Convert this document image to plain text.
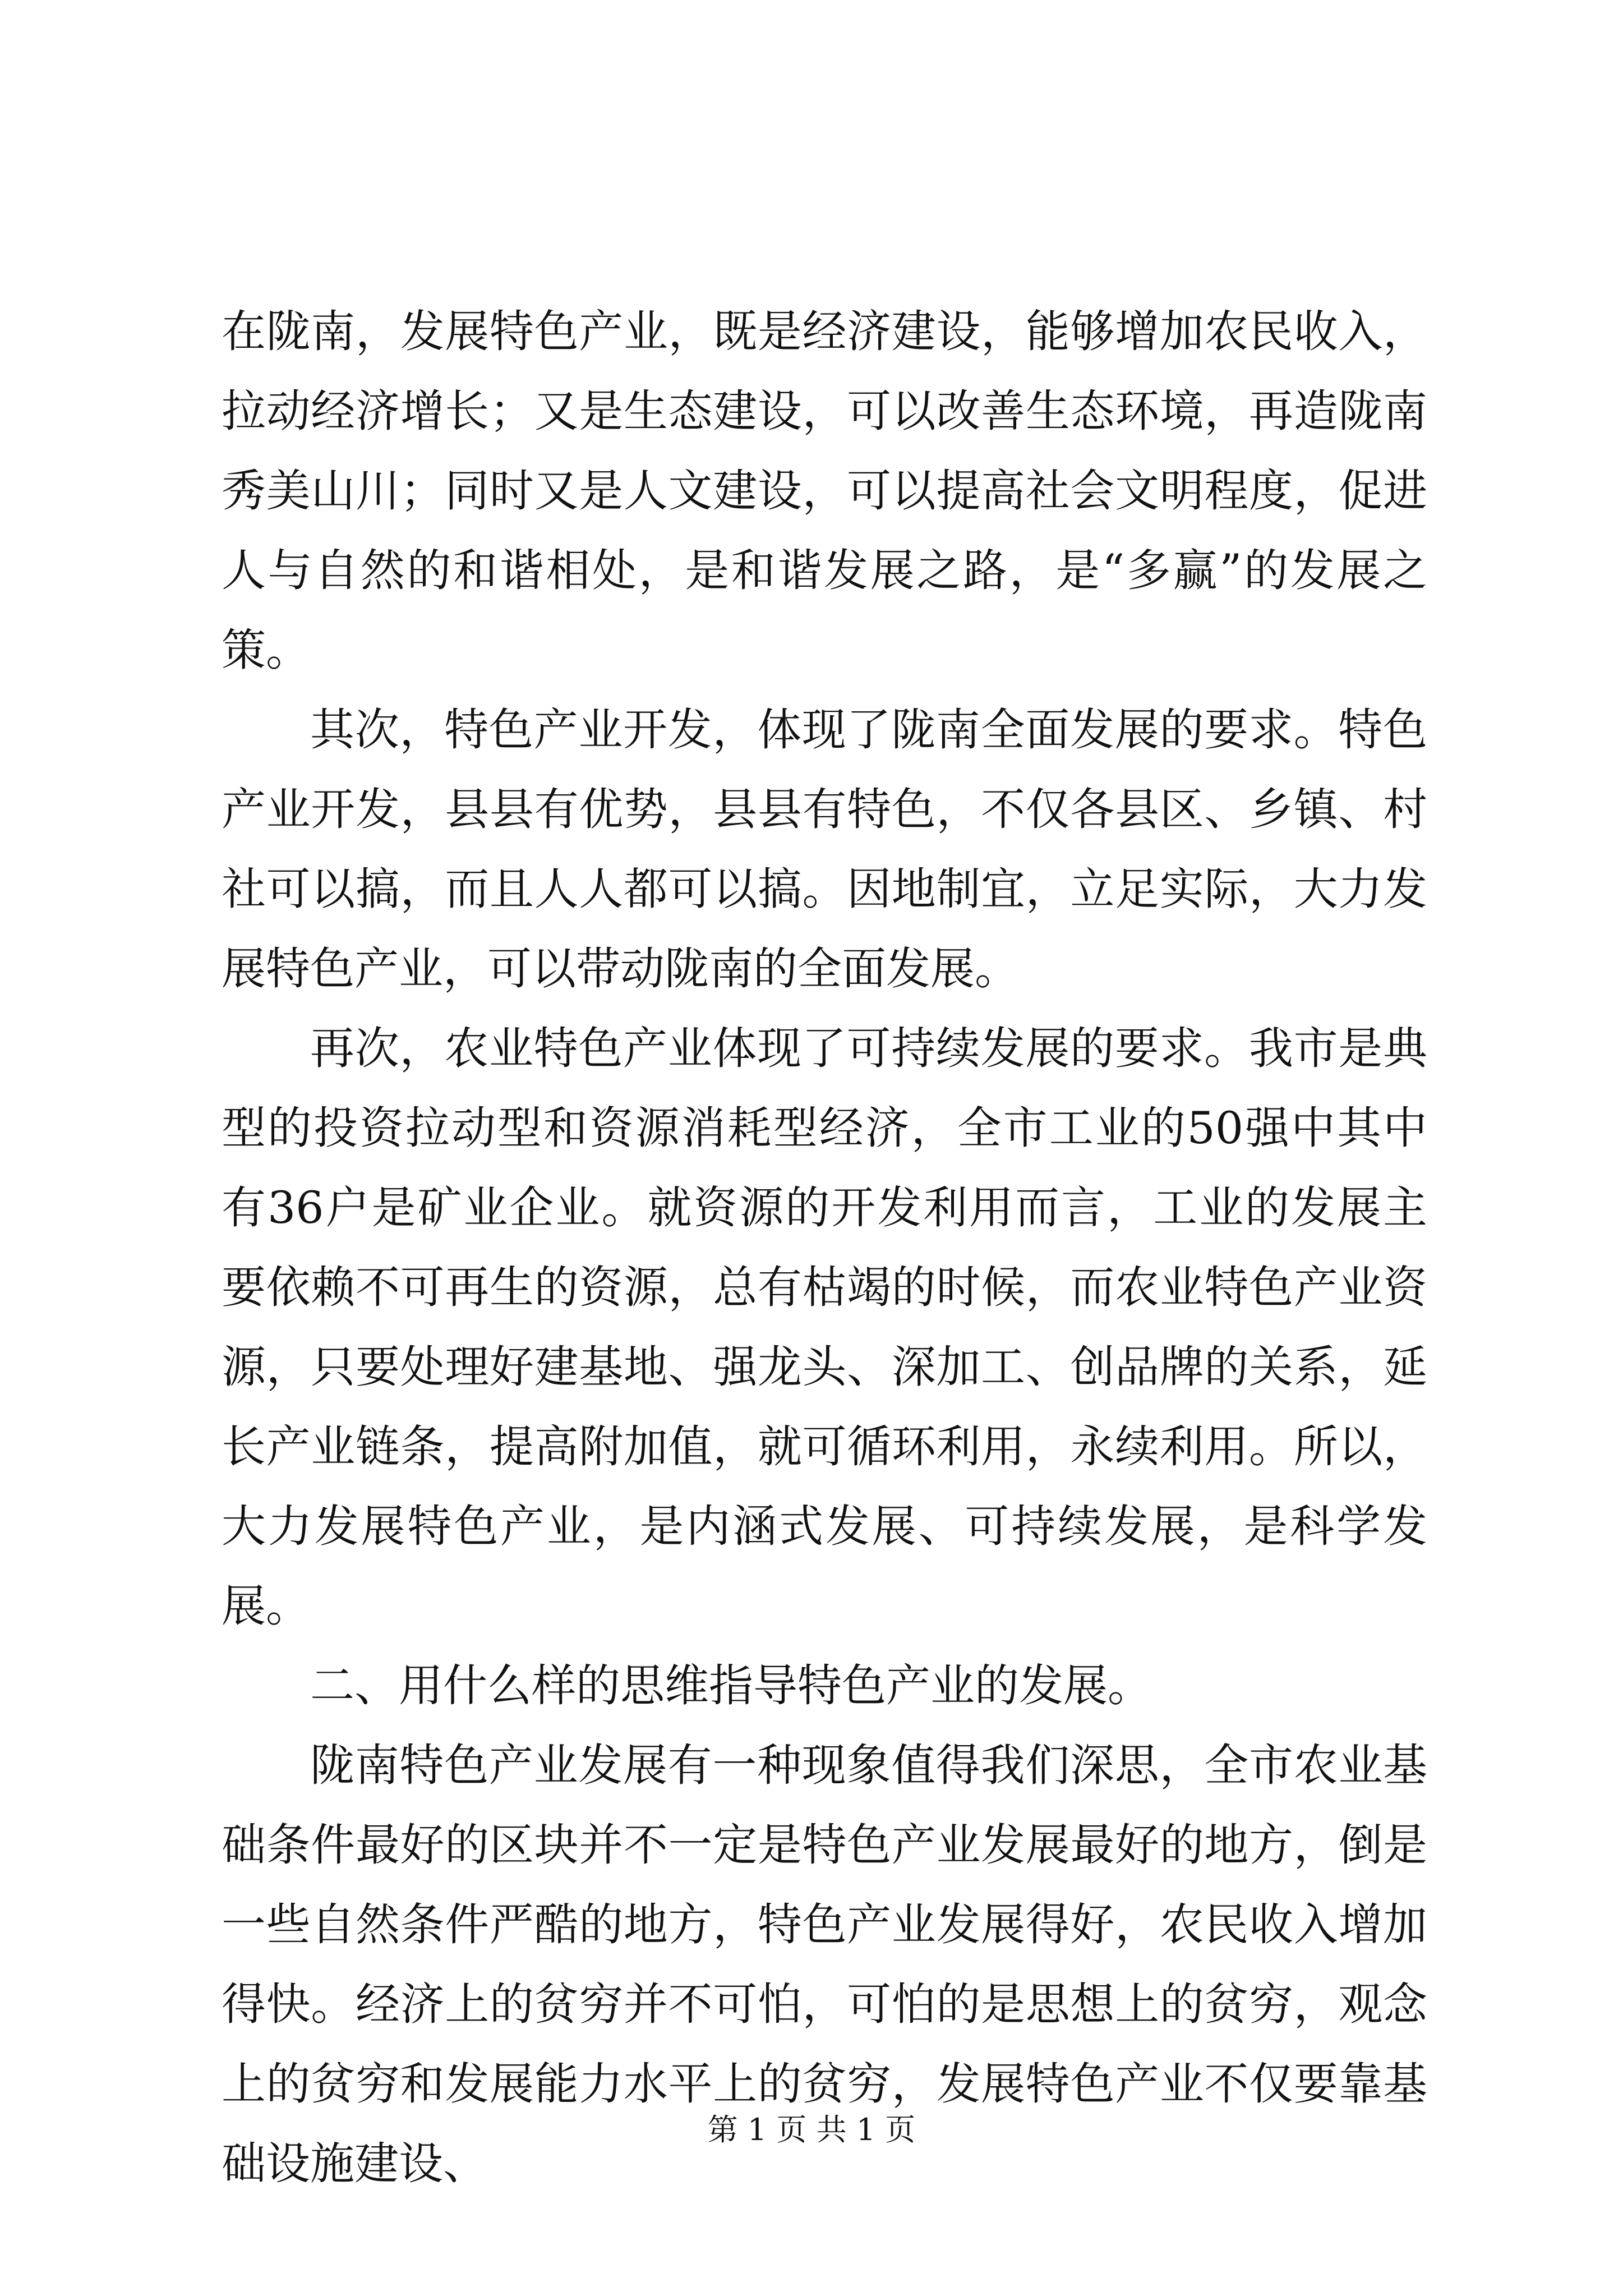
在陇南，发展特色产业，既是经济建设，能够增加农民收入，拉动经济增长；又是生态建设，可以改善生态环境，再造陇南秀美山川；同时又是人文建设，可以提高社会文明程度，促进人与自然的和谐相处，是和谐发展之路，是“多赢”的发展之策。

其次，特色产业开发，体现了陇南全面发展的要求。特色产业开发，县县有优势，县县有特色，不仅各县区、乡镇、村社可以搞，而且人人都可以搞。因地制宜，立足实际，大力发展特色产业，可以带动陇南的全面发展。

再次，农业特色产业体现了可持续发展的要求。我市是典型的投资拉动型和资源消耗型经济，全市工业的50强中其中有36户是矿业企业。就资源的开发利用而言，工业的发展主要依赖不可再生的资源，总有枯竭的时候，而农业特色产业资源，只要处理好建基地、强龙头、深加工、创品牌的关系，延长产业链条，提高附加值，就可循环利用，永续利用。所以，大力发展特色产业，是内涵式发展、可持续发展，是科学发展。

二、用什么样的思维指导特色产业的发展。

陇南特色产业发展有一种现象值得我们深思，全市农业基础条件最好的区块并不一定是特色产业发展最好的地方，倒是一些自然条件严酷的地方，特色产业发展得好，农民收入增加得快。经济上的贫穷并不可怕，可怕的是思想上的贫穷，观念上的贫穷和发展能力水平上的贫穷，发展特色产业不仅要靠基础设施建设、

第 1 页 共 1 页
